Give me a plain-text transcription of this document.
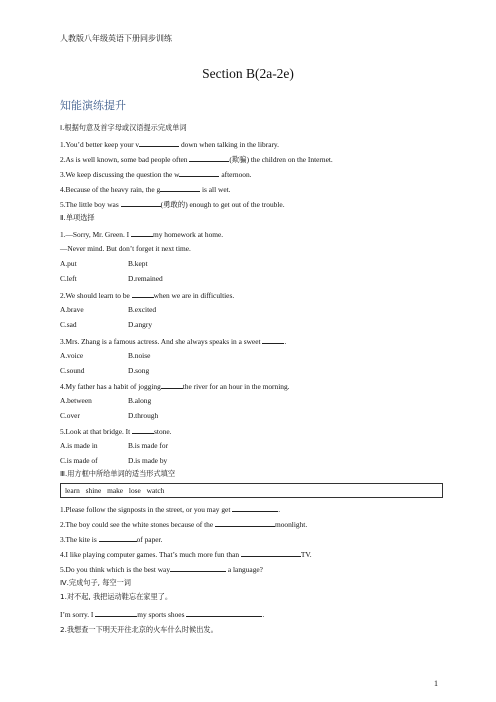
人教版八年级英语下册同步训练
Section B(2a-2e)
知能演练提升
Ⅰ.根据句意及首字母或汉语提示完成单词
1.You’d better keep your v	down when talking in the library.
2.As is well known, some bad people often	(欺骗) the children on the Internet.
3.We keep discussing the question the w	afternoon.
4.Because of the heavy rain, the g	is all wet.
5.The little boy was	(勇敢的) enough to get out of the trouble.
Ⅱ.单项选择
1.—Sorry, Mr. Green. I	my homework at home.
—Never mind. But don’t forget it next time.
A.put	B.kept
C.left	D.remained
2.We should learn to be	when we are in difficulties.
A.brave	B.excited
C.sad	D.angry
3.Mrs. Zhang is a famous actress. And she always speaks in a sweet	.
A.voice	B.noise
C.sound	D.song
4.My father has a habit of jogging	the river for an hour in the morning.
A.between	B.along
C.over	D.through
5.Look at that bridge. It	stone.
A.is made in	B.is made for
C.is made of	D.is made by
Ⅲ.用方框中所给单词的适当形式填空
learn shine make lose watch
1.Please follow the signposts in the street, or you may get	.
2.The boy could see the white stones because of the	moonlight.
3.The kite is	of paper.
4.I like playing computer games. That’s much more fun than	TV.
5.Do you think which is the best way	a language?
Ⅳ.完成句子, 每空一词
1.对不起, 我把运动鞋忘在家里了。
I’m sorry. I	my sports shoes	.
2.我想查一下明天开往北京的火车什么时候出发。
1
